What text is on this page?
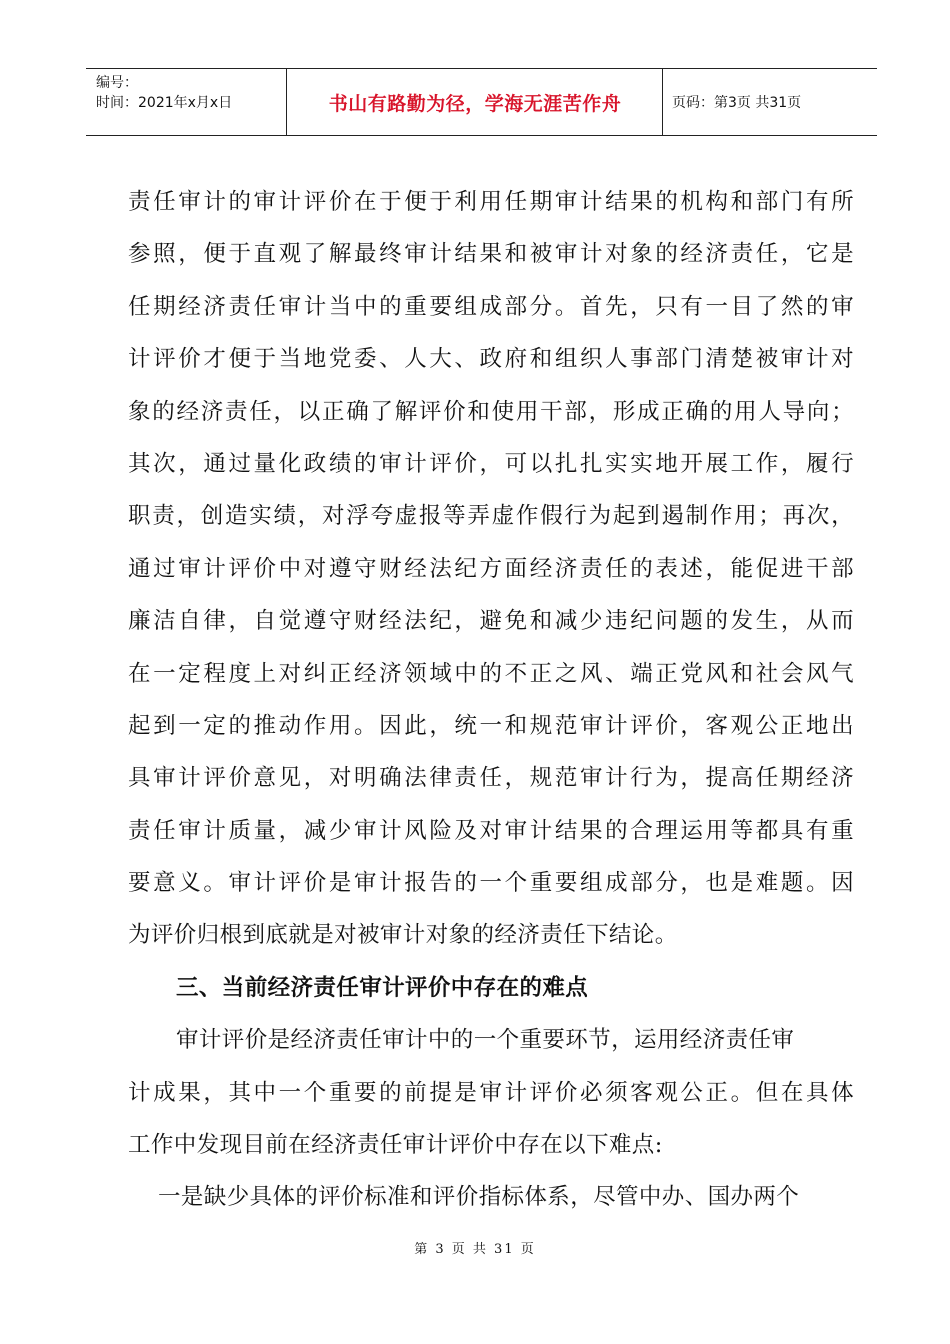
编号：
时间：2021年x月x日	书山有路勤为径，学海无涯苦作舟	页码：第3页 共31页
责任审计的审计评价在于便于利用任期审计结果的机构和部门有所
参照，便于直观了解最终审计结果和被审计对象的经济责任，它是
任期经济责任审计当中的重要组成部分。首先，只有一目了然的审
计评价才便于当地党委、人大、政府和组织人事部门清楚被审计对
象的经济责任，以正确了解评价和使用干部，形成正确的用人导向；
其次，通过量化政绩的审计评价，可以扎扎实实地开展工作，履行
职责，创造实绩，对浮夸虚报等弄虚作假行为起到遏制作用；再次，
通过审计评价中对遵守财经法纪方面经济责任的表述，能促进干部
廉洁自律，自觉遵守财经法纪，避免和减少违纪问题的发生，从而
在一定程度上对纠正经济领域中的不正之风、端正党风和社会风气
起到一定的推动作用。因此，统一和规范审计评价，客观公正地出
具审计评价意见，对明确法律责任，规范审计行为，提高任期经济
责任审计质量，减少审计风险及对审计结果的合理运用等都具有重
要意义。审计评价是审计报告的一个重要组成部分，也是难题。因
为评价归根到底就是对被审计对象的经济责任下结论。
三、当前经济责任审计评价中存在的难点
审计评价是经济责任审计中的一个重要环节，运用经济责任审
计成果，其中一个重要的前提是审计评价必须客观公正。但在具体
工作中发现目前在经济责任审计评价中存在以下难点:
一是缺少具体的评价标准和评价指标体系，尽管中办、国办两个
第 3 页 共 31 页
